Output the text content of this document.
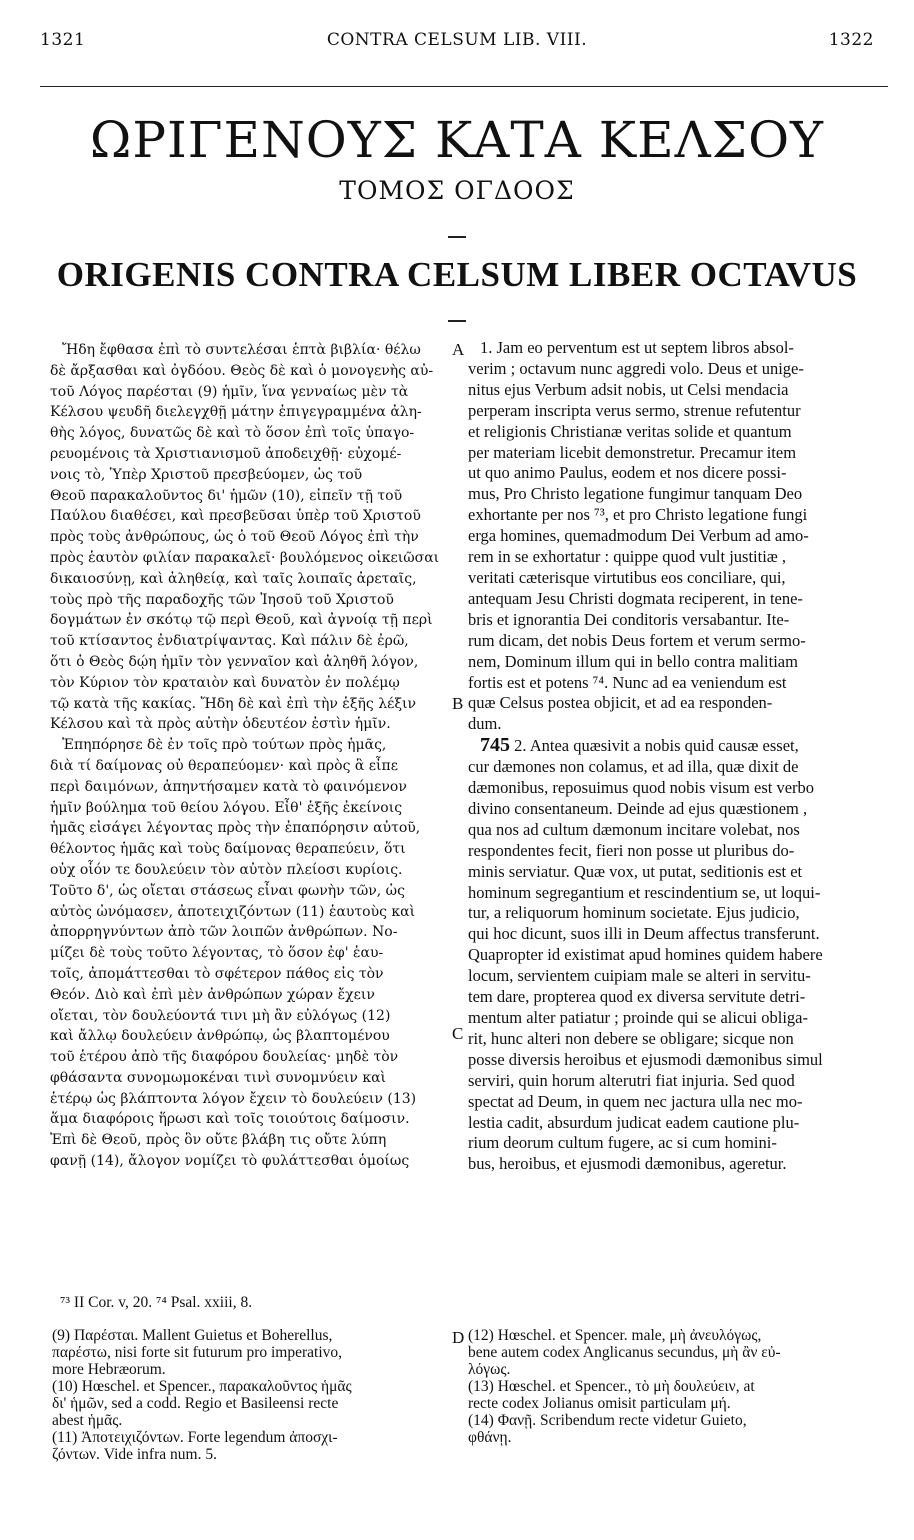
1321	CONTRA CELSUM LIB. VIII.	1322
ΩΡΙΓΕΝΟΥΣ ΚΑΤΑ ΚΕΛΣΟΥ
ΤΟΜΟΣ ΟΓΔΟΟΣ
ORIGENIS CONTRA CELSUM LIBER OCTAVUS

Ἤδη ἔφθασα ἐπὶ τὸ συντελέσαι ἑπτὰ βιβλία· θέλω

δὲ ἄρξασθαι καὶ ὀγδόου. Θεὸς δὲ καὶ ὁ μονογενὴς αὐ-

τοῦ Λόγος παρέσται (9) ἡμῖν, ἵνα γενναίως μὲν τὰ

Κέλσου ψευδῆ διελεγχθῇ μάτην ἐπιγεγραμμένα ἀλη-

θὴς λόγος, δυνατῶς δὲ καὶ τὸ ὅσον ἐπὶ τοῖς ὑπαγο-

ρευομένοις τὰ Χριστιανισμοῦ ἀποδειχθῇ· εὐχομέ-

νοις τὸ, Ὑπὲρ Χριστοῦ πρεσβεύομεν, ὡς τοῦ

Θεοῦ παρακαλοῦντος δι' ἡμῶν (10), εἰπεῖν τῇ τοῦ

Παύλου διαθέσει, καὶ πρεσβεῦσαι ὑπὲρ τοῦ Χριστοῦ

πρὸς τοὺς ἀνθρώπους, ὡς ὁ τοῦ Θεοῦ Λόγος ἐπὶ τὴν

πρὸς ἑαυτὸν φιλίαν παρακαλεῖ· βουλόμενος οἰκειῶσαι

δικαιοσύνῃ, καὶ ἀληθείᾳ, καὶ ταῖς λοιπαῖς ἀρεταῖς,

τοὺς πρὸ τῆς παραδοχῆς τῶν Ἰησοῦ τοῦ Χριστοῦ

δογμάτων ἐν σκότῳ τῷ περὶ Θεοῦ, καὶ ἀγνοίᾳ τῇ περὶ

τοῦ κτίσαντος ἐνδιατρίψαντας. Καὶ πάλιν δὲ ἐρῶ,

ὅτι ὁ Θεὸς δῴη ἡμῖν τὸν γενναῖον καὶ ἀληθῆ λόγον,

τὸν Κύριον τὸν κραταιὸν καὶ δυνατὸν ἐν πολέμῳ

τῷ κατὰ τῆς κακίας. Ἤδη δὲ καὶ ἐπὶ τὴν ἑξῆς λέξιν

Κέλσου καὶ τὰ πρὸς αὐτὴν ὁδευτέον ἐστὶν ἡμῖν.

Ἐπηπόρησε δὲ ἐν τοῖς πρὸ τούτων πρὸς ἡμᾶς,

διὰ τί δαίμονας οὐ θεραπεύομεν· καὶ πρὸς ἃ εἶπε

περὶ δαιμόνων, ἀπηντήσαμεν κατὰ τὸ φαινόμενον

ἡμῖν βούλημα τοῦ θείου λόγου. Εἶθ' ἑξῆς ἐκείνοις

ἡμᾶς εἰσάγει λέγοντας πρὸς τὴν ἐπαπόρησιν αὐτοῦ,

θέλοντος ἡμᾶς καὶ τοὺς δαίμονας θεραπεύειν, ὅτι

οὐχ οἷόν τε δουλεύειν τὸν αὐτὸν πλείοσι κυρίοις.

Τοῦτο δ', ὡς οἴεται στάσεως εἶναι φωνὴν τῶν, ὡς

αὐτὸς ὠνόμασεν, ἀποτειχιζόντων (11) ἑαυτοὺς καὶ

ἀπορρηγνύντων ἀπὸ τῶν λοιπῶν ἀνθρώπων. Νο-

μίζει δὲ τοὺς τοῦτο λέγοντας, τὸ ὅσον ἐφ' ἑαυ-

τοῖς, ἀπομάττεσθαι τὸ σφέτερον πάθος εἰς τὸν

Θεόν. Διὸ καὶ ἐπὶ μὲν ἀνθρώπων χώραν ἔχειν

οἴεται, τὸν δουλεύοντά τινι μὴ ἂν εὐλόγως (12)

καὶ ἄλλῳ δουλεύειν ἀνθρώπῳ, ὡς βλαπτομένου

τοῦ ἑτέρου ἀπὸ τῆς διαφόρου δουλείας· μηδὲ τὸν

φθάσαντα συνομωμοκέναι τινὶ συνομνύειν καὶ

ἑτέρῳ ὡς βλάπτοντα λόγον ἔχειν τὸ δουλεύειν (13)

ἅμα διαφόροις ἥρωσι καὶ τοῖς τοιούτοις δαίμοσιν.

Ἐπὶ δὲ Θεοῦ, πρὸς ὃν οὔτε βλάβη τις οὔτε λύπη

φανῇ (14), ἄλογον νομίζει τὸ φυλάττεσθαι ὁμοίως

1. Jam eo perventum est ut septem libros absol-

verim ; octavum nunc aggredi volo. Deus et unige-

nitus ejus Verbum adsit nobis, ut Celsi mendacia

perperam inscripta verus sermo, strenue refutentur

et religionis Christianæ veritas solide et quantum

per materiam licebit demonstretur. Precamur item

ut quo animo Paulus, eodem et nos dicere possi-

mus, Pro Christo legatione fungimur tanquam Deo

exhortante per nos ⁷³, et pro Christo legatione fungi

erga homines, quemadmodum Dei Verbum ad amo-

rem in se exhortatur : quippe quod vult justitiæ ,

veritati cæterisque virtutibus eos conciliare, qui,

antequam Jesu Christi dogmata reciperent, in tene-

bris et ignorantia Dei conditoris versabantur. Ite-

rum dicam, det nobis Deus fortem et verum sermo-

nem, Dominum illum qui in bello contra malitiam

fortis est et potens ⁷⁴. Nunc ad ea veniendum est

quæ Celsus postea objicit, et ad ea responden-

dum.

745 2. Antea quæsivit a nobis quid causæ esset,

cur dæmones non colamus, et ad illa, quæ dixit de

dæmonibus, reposuimus quod nobis visum est verbo

divino consentaneum. Deinde ad ejus quæstionem ,

qua nos ad cultum dæmonum incitare volebat, nos

respondentes fecit, fieri non posse ut pluribus do-

minis serviatur. Quæ vox, ut putat, seditionis est et

hominum segregantium et rescindentium se, ut loqui-

tur, a reliquorum hominum societate. Ejus judicio,

qui hoc dicunt, suos illi in Deum affectus transferunt.

Quapropter id existimat apud homines quidem habere

locum, servientem cuipiam male se alteri in servitu-

tem dare, propterea quod ex diversa servitute detri-

mentum alter patiatur ; proinde qui se alicui obliga-

rit, hunc alteri non debere se obligare; sicque non

posse diversis heroibus et ejusmodi dæmonibus simul

serviri, quin horum alterutri fiat injuria. Sed quod

spectat ad Deum, in quem nec jactura ulla nec mo-

lestia cadit, absurdum judicat eadem cautione plu-

rium deorum cultum fugere, ac si cum homini-

bus, heroibus, et ejusmodi dæmonibus, ageretur.

A
B
C
D
⁷³ II Cor. v, 20. ⁷⁴ Psal. xxiii, 8.

(9) Παρέσται. Mallent Guietus et Boherellus,

παρέστω, nisi forte sit futurum pro imperativo,

more Hebræorum.

(10) Hœschel. et Spencer., παρακαλοῦντος ἡμᾶς

δι' ἡμῶν, sed a codd. Regio et Basileensi recte

abest ἡμᾶς.

(11) Ἀποτειχιζόντων. Forte legendum ἀποσχι-

ζόντων. Vide infra num. 5.

(12) Hœschel. et Spencer. male, μὴ ἀνευλόγως,

bene autem codex Anglicanus secundus, μὴ ἂν εὐ-

λόγως.

(13) Hœschel. et Spencer., τὸ μὴ δουλεύειν, at

recte codex Jolianus omisit particulam μή.

(14) Φανῇ. Scribendum recte videtur Guieto,

φθάνῃ.
